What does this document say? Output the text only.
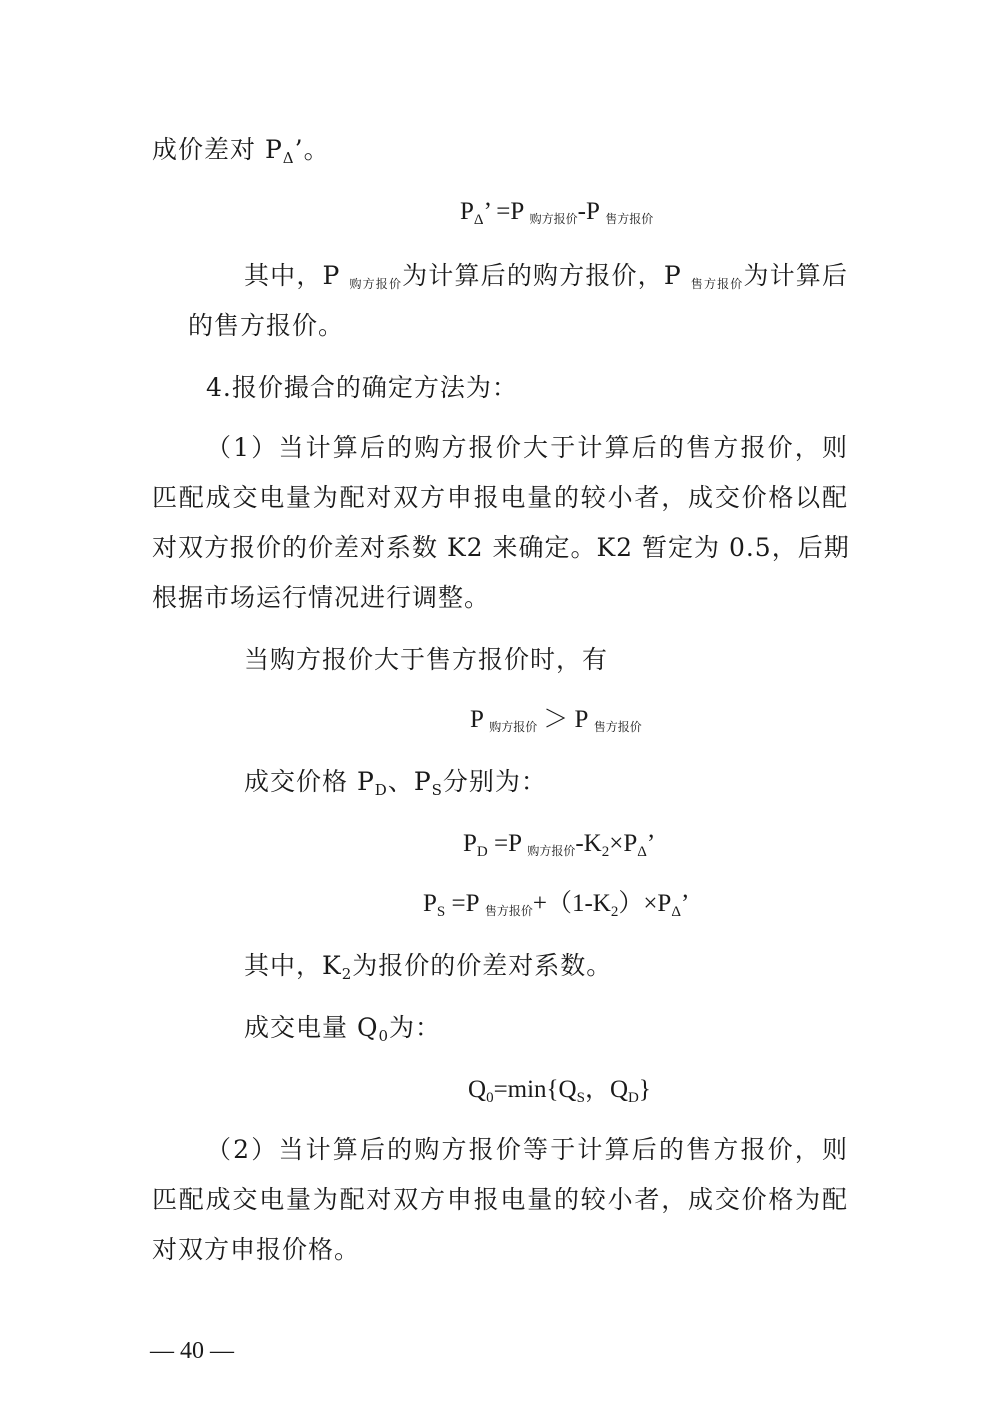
成价差对 $P_\Delta$’。

$P_\Delta$’ =P $_{购方报价}$-P $_{售方报价}$

其中，P $_{购方报价}$为计算后的购方报价，P $_{售方报价}$为计算后

的售方报价。

4.报价撮合的确定方法为：

（1）当计算后的购方报价大于计算后的售方报价，则

匹配成交电量为配对双方申报电量的较小者，成交价格以配

对双方报价的价差对系数 K2 来确定。K2 暂定为 0.5，后期

根据市场运行情况进行调整。

当购方报价大于售方报价时，有

P $_{购方报价}$ ＞ P $_{售方报价}$

成交价格 $P_D$、$P_S$分别为：

$P_D =P$ $_{购方报价}-K_2\times P_\Delta$’

$P_S =P$ $_{售方报价}+(1-K_2)\times P_\Delta$’

其中，$K_2$为报价的价差对系数。

成交电量 $Q_0$为：

$Q_0=\min\{Q_S$，$Q_D$}

（2）当计算后的购方报价等于计算后的售方报价，则

匹配成交电量为配对双方申报电量的较小者，成交价格为配

对双方申报价格。

— 40 —
